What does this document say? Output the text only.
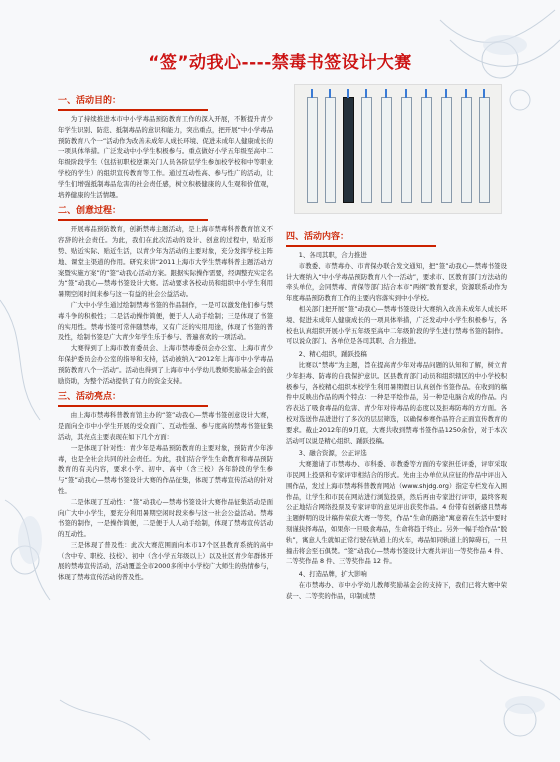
“签”动我心----禁毒书签设计大赛
一、活动目的：

为了持续推进本市中小学毒品预防教育工作的深入开展，不断提升青少年学生识别、防范、抵制毒品的意识和能力，突出重点，把开展“中小学毒品预防教育八个一”活动作为改善未成年人成长环境、促进未成年人健康成长的一项具体举措。广泛发动中小学生积极参与。重点做好小学五年级至高中二年级阶段学生（包括初职校逆课关门人员各阶层学生参加校学校和中等职业学校的学生）的组织宣传教育等工作。通过互动性高、参与性广的活动，让学生们增强抵制毒品危害的社会责任感，树立积极健康的人生观和价值观，培养健康的生活情趣。

二、创意过程：

开展毒品预防教育，创新禁毒主题活动，是上海市禁毒科普教育馆义不容辞的社会责任。为此，我们在此次活动的设计、创意的过程中，贴近形势、贴近实际、贴近生活，以青少年为活动的主要对象，充分发挥学校主阵地、课堂主渠道的作用。研究来讲“2011上海市大学生禁毒科普主题活动方案暨实施方案”的“签”动我心活动方案。跟据实际操作需要，经调整充实定名为“签”动我心—禁毒书签设计大赛。活动要求各校动员和组织中小学生利用暑期空闲时间来参与这一有益的社会公益活动。

广大中小学生通过绘制禁毒书签的作品制作，一是可以激发他们参与禁毒斗争的积极性；二是活动操作简便，便于人人动手绘制；三是体现了书签的实用性。禁毒书签可常伴随禁毒，又有广泛的实用用途，体现了书签的普及性，绘制书签是广大青少年学生乐于参与、普遍喜欢的一项活动。

大赛得到了上海市教育委员会、上海市禁毒委员会办公室、上海市青少年保护委员会办公室的指导和支持，活动被纳入“2012年上海市中小学毒品预防教育八个一活动”。活动也得到了上海市中小学幼儿教师奖励基金会的鼓励资助，为整个活动提供了有力的资金支持。

三、活动亮点：

由上海市禁毒科普教育馆主办的“签”动我心—禁毒书签创意设计大赛，是面向全市中小学生开展的受众面广、互动性强、参与度高的禁毒书签征集活动，其亮点主要表现在如下几个方面：

一是体现了针对性：青少年是毒品预防教育的主要对象，预防青少年涉毒，也是全社会共同的社会责任。为此，我们结合学生生命教育和毒品预防教育的有关内容，要求小学、初中、高中（含三校）各年龄段的学生参与“签”动我心—禁毒书签设计大赛的作品征集，体现了禁毒宣传活动的针对性。

二是体现了互动性：“签”动我心—禁毒书签设计大赛作品征集活动是面向广大中小学生，要充分利用暑期空闲时段来参与这一社会公益活动。禁毒书签的制作，一是操作简便，二是便于人人动手绘制，体现了禁毒宣传活动的互动性。

三是体现了普及性：此次大赛范围面向本市17个区县教育系统的高中（含中专、职校、技校）、初中（含小学五年级以上）以及社区青少年群体开展的禁毒宣传活动，活动覆盖全市2000多所中小学校广大师生的热情参与，体现了禁毒宣传活动的普及性。

四、活动内容：

1、各司其职，合力推进

市教委、市禁毒办、市青保办联合发文通知，把“签”动我心—禁毒书签设计大赛纳入“中小学毒品预防教育八个一活动”，要求市、区教育部门方法动的牵头单位，会同禁毒、青保等部门结合本市“两纲”教育要求，资源联系动作为年度毒品预防教育工作的主要内容落实到中小学校。

相关部门把开展“签”动我心—禁毒书签设计大赛纳入改善未成年人成长环境、促进未成年人健康成长的一项具体举措，广泛发动中小学生积极参与，各校也认真组织开展小学五年级至高中二年级阶段的学生进行禁毒书签的制作。可以说众部门、各单位是各司其职、合力推进。

2、精心组织，踊跃投稿

比赛以“禁毒”为主题，旨在提高青少年对毒品问题的认知和了解，树立青少年拒毒、防毒的自我保护意识。区县教育部门动员和组织辖区的中小学校积极参与，各校精心组织本校学生利用暑期假日认真创作书签作品。在收到的稿件中反映出作品的两个特点：一种是平绘作品，另一种是电脑合成的作品。内容表达了吸食毒品的危害、青少年对待毒品的态度以及拒毒防毒的方方面。各校对选送作品进进行了多次的层层筛选，以确保参赛作品符合正面宣传教育的要求。截止2012年的9月底，大赛共收到禁毒书签作品1250余份，对于本次活动可以说是精心组织、踊跃投稿。

3、融合资源，公正评选

大赛邀请了市禁毒办、市科委、市教委等方面的专家担任评委，评审采取市民网上投票和专家评审相结合的形式。先由主办单位从应征的作品中评出入围作品，发过上海市禁毒科普教育网站（www.shjdg.org）指定专栏发布入围作品，让学生和市民在网站进行浏览投票，然后再由专家进行评审，最终客观公正地结合网络投票及专家评审的意见评出获奖作品。4 份带有创新感且禁毒主题鲜明的设计稿件荣获大赛一等奖，作品“生命的路途”寓意着在生活中要时刻谨抉择毒品，如果你一旦吸食毒品，生命将趋于终止。另外一幅手绘作品“脱轨”，寓意人生就如正常行驶在轨道上的火车，毒品如同轨道上的障碍石，一旦撞击将会至石俱焚。“签”动我心—禁毒书签设计大赛共评出一等奖作品 4 件、二等奖作品 8 件、三等奖作品 12 件。

4、打造品牌，扩大影响

在市禁毒办、市中小学幼儿教师奖励基金会的支持下，我们已将大赛中荣获一、二等奖的作品，印制成禁
